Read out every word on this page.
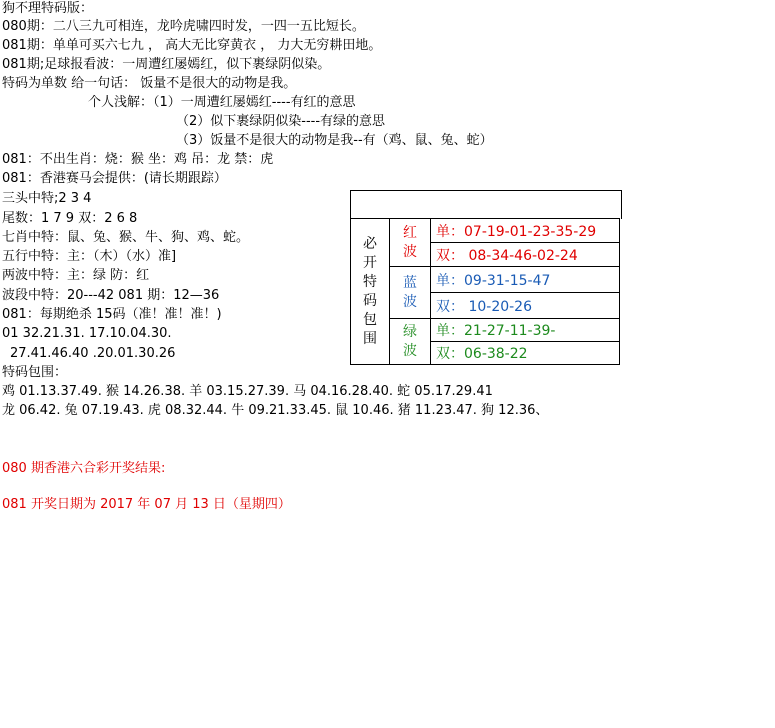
狗不理特码版：
080期：二八三九可相连，龙吟虎啸四时发，一四一五比短长。
081期：单单可买六七九 ， 高大无比穿黄衣 ， 力大无穷耕田地。
081期;足球报看波：一周遭红屡嫣红，似下裹绿阴似染。
特码为单数 给一句话： 饭量不是很大的动物是我。
个人浅解：（1）一周遭红屡嫣红----有红的意思
（2）似下裹绿阴似染----有绿的意思
（3）饭量不是很大的动物是我--有（鸡、鼠、兔、蛇）
081：不出生肖：烧：猴 坐：鸡 吊：龙 禁：虎
081：香港赛马会提供：(请长期跟踪）
三头中特;2 3 4
尾数：1 7 9 双：2 6 8
七肖中特：鼠、兔、猴、牛、狗、鸡、蛇。
五行中特：主：（木）（水）准]
两波中特：主：绿 防：红
波段中特：20---42 081 期：12—36
081：每期绝杀 15码（准！准！准！)
01 32.21.31. 17.10.04.30.
27.41.46.40 .20.01.30.26
特码包围：
鸡 01.13.37.49. 猴 14.26.38. 羊 03.15.27.39. 马 04.16.28.40. 蛇 05.17.29.41
龙 06.42. 兔 07.19.43. 虎 08.32.44. 牛 09.21.33.45. 鼠 10.46. 猪 11.23.47. 狗 12.36、
080 期香港六合彩开奖结果:
081 开奖日期为 2017 年 07 月 13 日（星期四）
必开特码包围	红波	单：07-19-01-23-35-29
		双： 08-34-46-02-24
	蓝波	单：09-31-15-47
		双： 10-20-26
	绿波	单：21-27-11-39-
		双：06-38-22
